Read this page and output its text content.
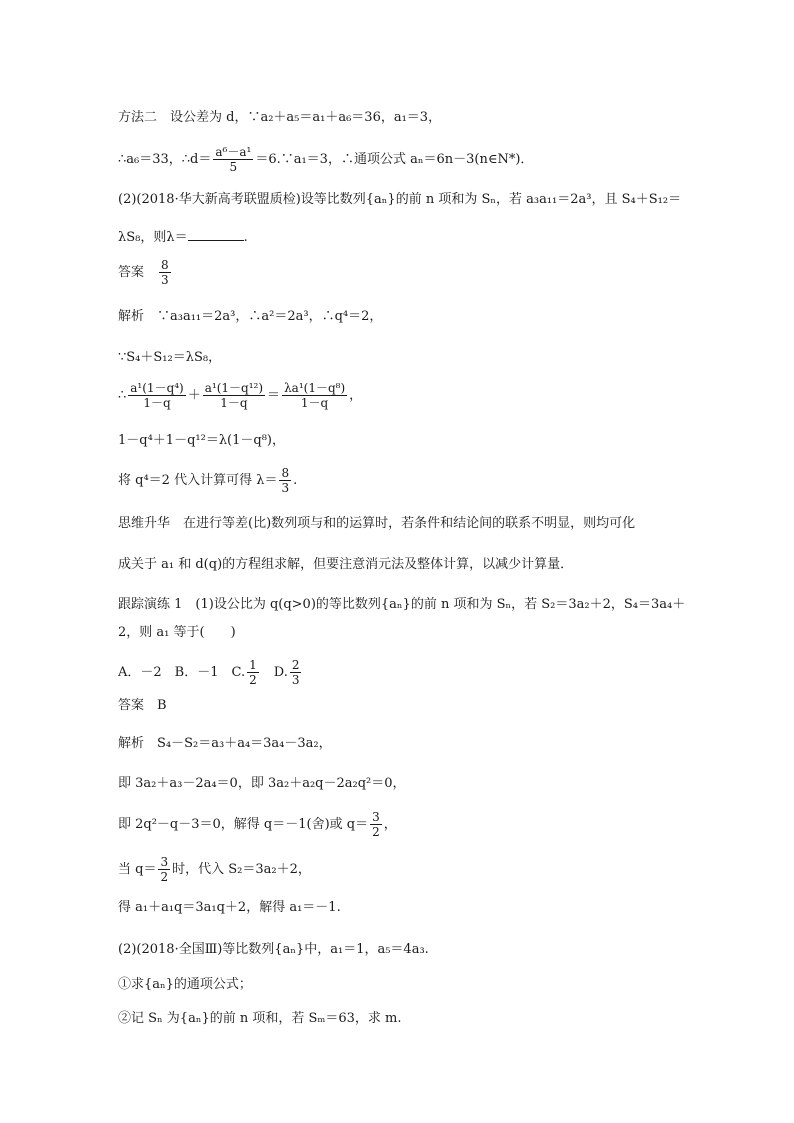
方法二　设公差为 d，∵a₂＋a₅＝a₁＋a₆＝36，a₁＝3，
∴a₆＝33，∴d＝ $\frac{\text{a⁶－a¹}}{5}$ ＝6.∵a₁＝3，∴通项公式 aₙ＝6n－3(n∈N*)．
(2)(2018·华大新高考联盟质检)设等比数列{aₙ}的前 n 项和为 Sₙ，若 a₃a₁₁＝2a³，且 S₄＋S₁₂＝
λS₈，则λ＝	.
答案　 $\frac{8}{3}$
解析　∵a₃a₁₁＝2a³，∴a²＝2a³，∴q⁴＝2，
∵S₄＋S₁₂＝λS₈，
∴ $\frac{\text{a¹(1－q⁴)}}{1-q} + \frac{\text{a¹(1－q¹²)}}{1-q} = \frac{\text{λa¹(1－q⁸)}}{1-q}$ ，
1－q⁴＋1－q¹²＝λ(1－q⁸)，
将 q⁴＝2 代入计算可得 $\lambda= \frac{8}{3}$ .
思维升华　在进行等差(比)数列项与和的运算时，若条件和结论间的联系不明显，则均可化
成关于 a₁ 和 d(q)的方程组求解，但要注意消元法及整体计算，以减少计算量．
跟踪演练 1　(1)设公比为 q(q>0)的等比数列{aₙ}的前 n 项和为 Sₙ，若 S₂＝3a₂＋2，S₄＝3a₄＋
2，则 a₁ 等于(　　)
A．－2　B．－1　C. $\frac{1}{2}$ 　D. $\frac{2}{3}$
答案　B
解析　S₄－S₂＝a₃＋a₄＝3a₄－3a₂，
即 3a₂＋a₃－2a₄＝0，即 3a₂＋a₂q－2a₂q²＝0，
即 2q²－q－3＝0，解得 q＝－1(舍)或 $q= \frac{3}{2}$ ，
当 $q= \frac{3}{2}$ 时，代入 S₂＝3a₂＋2，
得 a₁＋a₁q＝3a₁q＋2，解得 a₁＝－1.
(2)(2018·全国Ⅲ)等比数列{aₙ}中，a₁＝1，a₅＝4a₃.
①求{aₙ}的通项公式；
②记 Sₙ 为{aₙ}的前 n 项和，若 Sₘ＝63，求 m.
